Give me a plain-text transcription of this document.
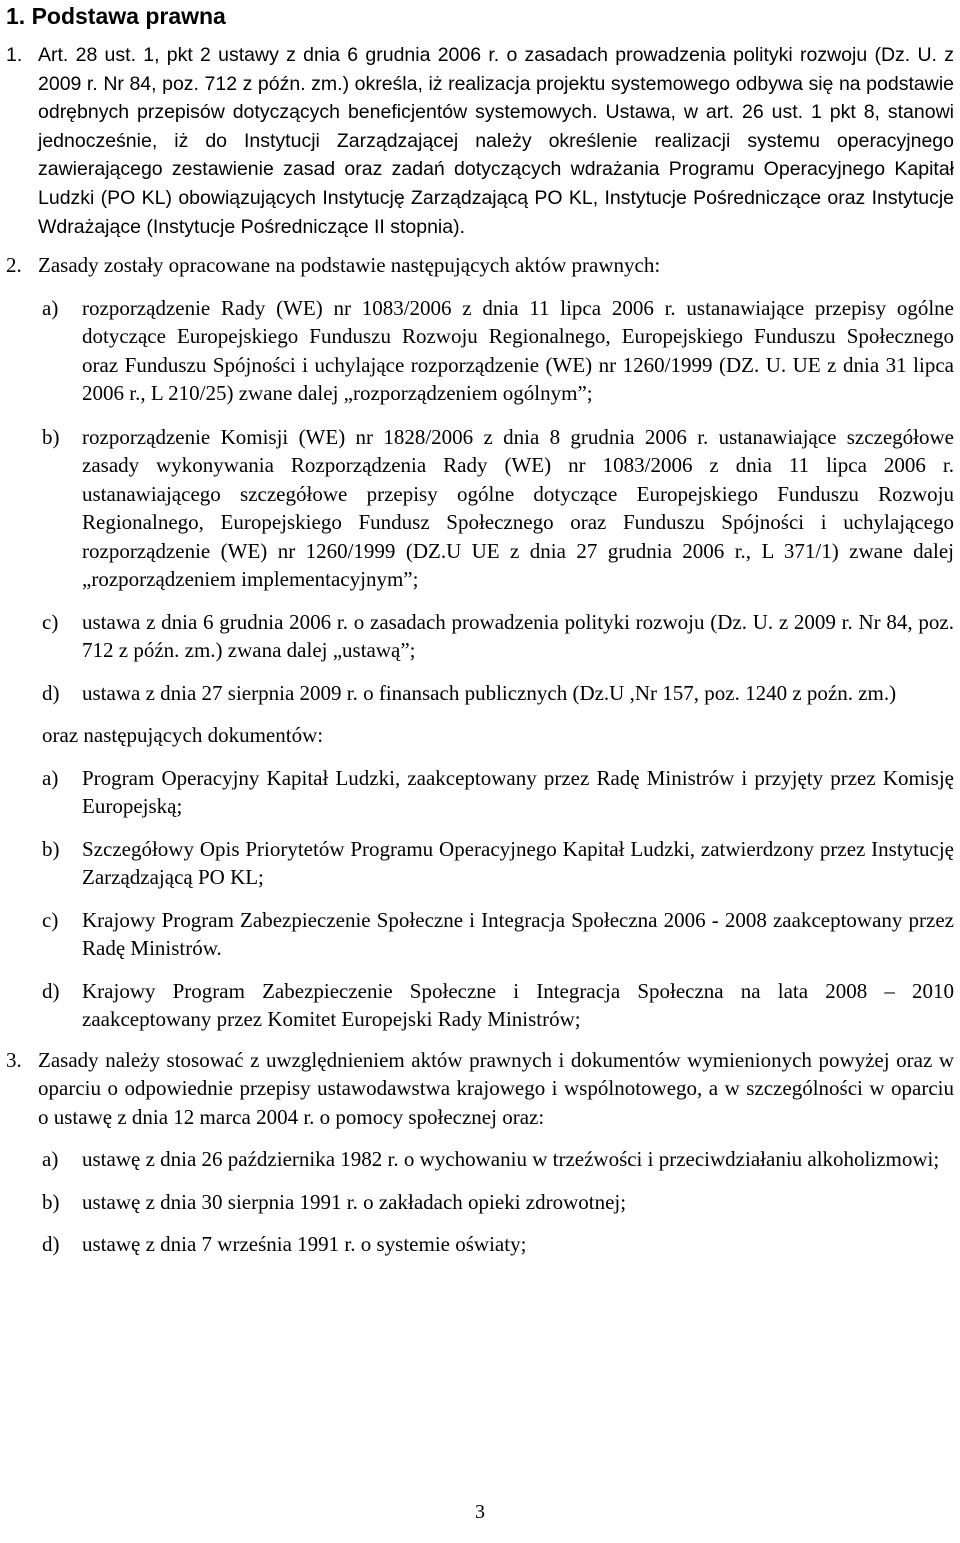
1. Podstawa prawna
1. Art. 28 ust. 1, pkt 2 ustawy z dnia 6 grudnia 2006 r. o zasadach prowadzenia polityki rozwoju (Dz. U. z 2009 r. Nr 84, poz. 712 z późn. zm.) określa, iż realizacja projektu systemowego odbywa się na podstawie odrębnych przepisów dotyczących beneficjentów systemowych. Ustawa, w art. 26 ust. 1 pkt 8, stanowi jednocześnie, iż do Instytucji Zarządzającej należy określenie realizacji systemu operacyjnego zawierającego zestawienie zasad oraz zadań dotyczących wdrażania Programu Operacyjnego Kapitał Ludzki (PO KL) obowiązujących Instytucję Zarządzającą PO KL, Instytucje Pośredniczące oraz Instytucje Wdrażające (Instytucje Pośredniczące II stopnia).

2. Zasady zostały opracowane na podstawie następujących aktów prawnych:

a) rozporządzenie Rady (WE) nr 1083/2006 z dnia 11 lipca 2006 r. ustanawiające przepisy ogólne dotyczące Europejskiego Funduszu Rozwoju Regionalnego, Europejskiego Funduszu Społecznego oraz Funduszu Spójności i uchylające rozporządzenie (WE) nr 1260/1999 (DZ. U. UE z dnia 31 lipca 2006 r., L 210/25) zwane dalej „rozporządzeniem ogólnym”;

b) rozporządzenie Komisji (WE) nr 1828/2006 z dnia 8 grudnia 2006 r. ustanawiające szczegółowe zasady wykonywania Rozporządzenia Rady (WE) nr 1083/2006 z dnia 11 lipca 2006 r. ustanawiającego szczegółowe przepisy ogólne dotyczące Europejskiego Funduszu Rozwoju Regionalnego, Europejskiego Fundusz Społecznego oraz Funduszu Spójności i uchylającego rozporządzenie (WE) nr 1260/1999 (DZ.U UE z dnia 27 grudnia 2006 r., L 371/1) zwane dalej „rozporządzeniem implementacyjnym”;

c) ustawa z dnia 6 grudnia 2006 r. o zasadach prowadzenia polityki rozwoju (Dz. U. z 2009 r. Nr 84, poz. 712 z późn. zm.) zwana dalej „ustawą”;

d) ustawa z dnia 27 sierpnia 2009 r. o finansach publicznych (Dz.U ,Nr 157, poz. 1240 z poźn. zm.)

oraz następujących dokumentów:

a) Program Operacyjny Kapitał Ludzki, zaakceptowany przez Radę Ministrów i przyjęty przez Komisję Europejską;

b) Szczegółowy Opis Priorytetów Programu Operacyjnego Kapitał Ludzki, zatwierdzony przez Instytucję Zarządzającą PO KL;

c) Krajowy Program Zabezpieczenie Społeczne i Integracja Społeczna 2006 - 2008 zaakceptowany przez Radę Ministrów.

d) Krajowy Program Zabezpieczenie Społeczne i Integracja Społeczna na lata 2008 – 2010 zaakceptowany przez Komitet Europejski Rady Ministrów;

3. Zasady należy stosować z uwzględnieniem aktów prawnych i dokumentów wymienionych powyżej oraz w oparciu o odpowiednie przepisy ustawodawstwa krajowego i wspólnotowego, a w szczególności w oparciu o ustawę z dnia 12 marca 2004 r. o pomocy społecznej oraz:

a) ustawę z dnia 26 października 1982 r. o wychowaniu w trzeźwości i przeciwdziałaniu alkoholizmowi;

b) ustawę z dnia 30 sierpnia 1991 r. o zakładach opieki zdrowotnej;

d) ustawę z dnia 7 września 1991 r. o systemie oświaty;

3
